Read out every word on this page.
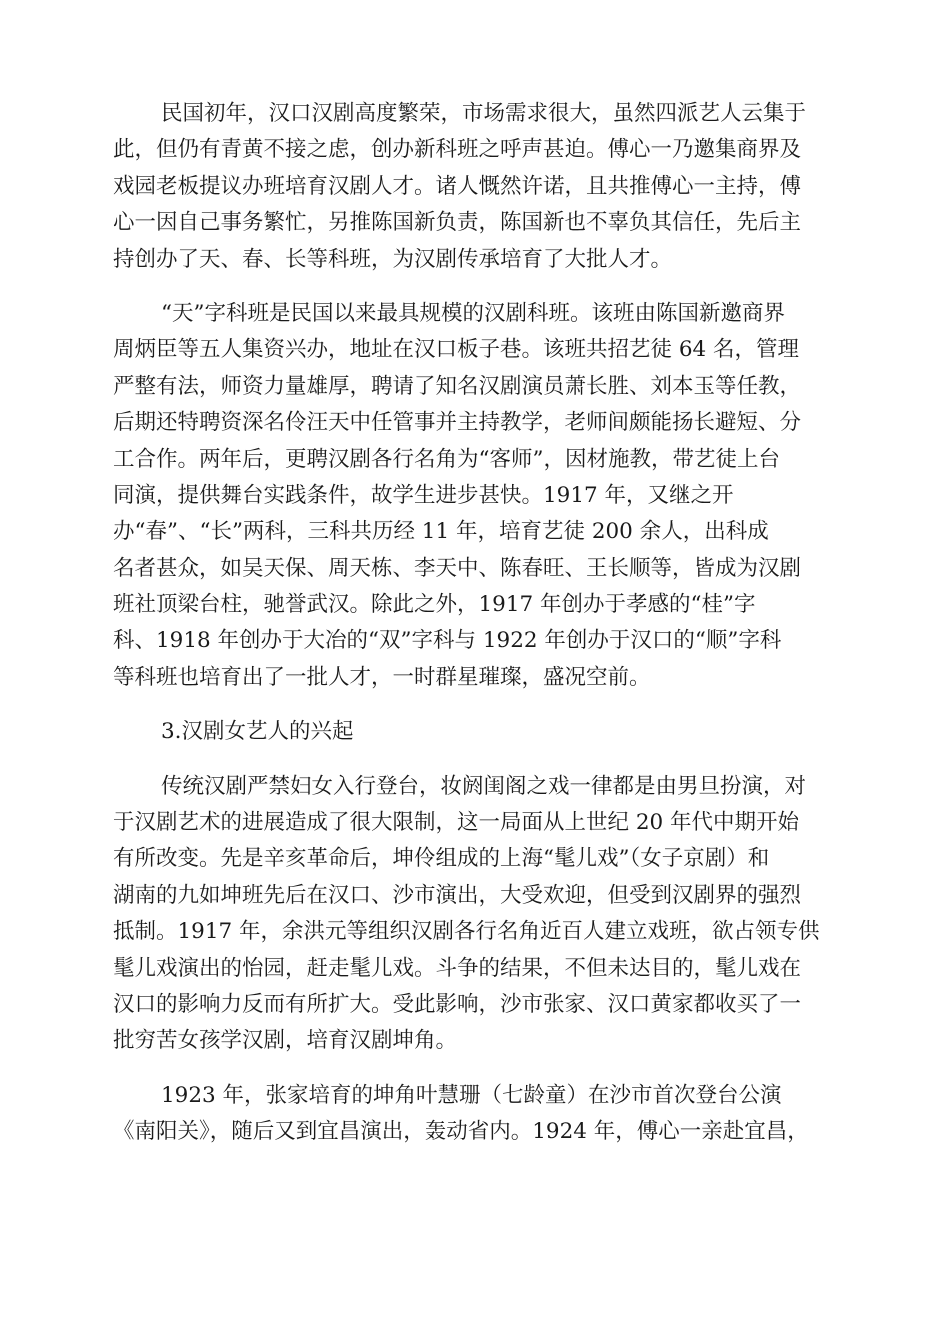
民国初年，汉口汉剧高度繁荣，市场需求很大，虽然四派艺人云集于
此，但仍有青黄不接之虑，创办新科班之呼声甚迫。傅心一乃邀集商界及
戏园老板提议办班培育汉剧人才。诸人慨然许诺，且共推傅心一主持，傅
心一因自己事务繁忙，另推陈国新负责，陈国新也不辜负其信任，先后主
持创办了天、春、长等科班，为汉剧传承培育了大批人才。
“天”字科班是民国以来最具规模的汉剧科班。该班由陈国新邀商界
周炳臣等五人集资兴办，地址在汉口板子巷。该班共招艺徒 64 名，管理
严整有法，师资力量雄厚，聘请了知名汉剧演员萧长胜、刘本玉等任教，
后期还特聘资深名伶汪天中任管事并主持教学，老师间颇能扬长避短、分
工合作。两年后，更聘汉剧各行名角为“客师”，因材施教，带艺徒上台
同演，提供舞台实践条件，故学生进步甚快。1917 年，又继之开
办“春”、“长”两科，三科共历经 11 年，培育艺徒 200 余人，出科成
名者甚众，如吴天保、周天栋、李天中、陈春旺、王长顺等，皆成为汉剧
班社顶梁台柱，驰誉武汉。除此之外，1917 年创办于孝感的“桂”字
科、1918 年创办于大冶的“双”字科与 1922 年创办于汉口的“顺”字科
等科班也培育出了一批人才，一时群星璀璨，盛况空前。
3.汉剧女艺人的兴起
传统汉剧严禁妇女入行登台，妆阏闺阁之戏一律都是由男旦扮演，对
于汉剧艺术的进展造成了很大限制，这一局面从上世纪 20 年代中期开始
有所改变。先是辛亥革命后，坤伶组成的上海“髦儿戏”（女子京剧）和
湖南的九如坤班先后在汉口、沙市演出，大受欢迎，但受到汉剧界的强烈
抵制。1917 年，余洪元等组织汉剧各行名角近百人建立戏班，欲占领专供
髦儿戏演出的怡园，赶走髦儿戏。斗争的结果，不但未达目的，髦儿戏在
汉口的影响力反而有所扩大。受此影响，沙市张家、汉口黄家都收买了一
批穷苦女孩学汉剧，培育汉剧坤角。
1923 年，张家培育的坤角叶慧珊（七龄童）在沙市首次登台公演
《南阳关》，随后又到宜昌演出，轰动省内。1924 年，傅心一亲赴宜昌，
